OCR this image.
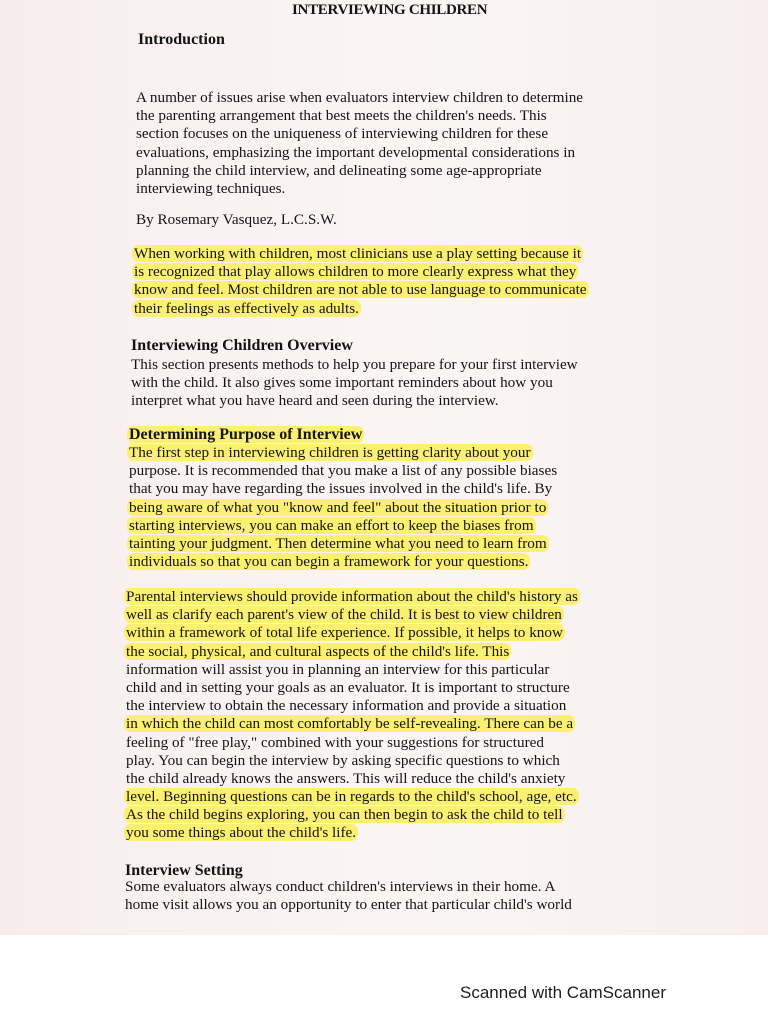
INTERVIEWING CHILDREN
Introduction
A number of issues arise when evaluators interview children to determine
the parenting arrangement that best meets the children's needs. This
section focuses on the uniqueness of interviewing children for these
evaluations, emphasizing the important developmental considerations in
planning the child interview, and delineating some age-appropriate
interviewing techniques.
By Rosemary Vasquez, L.C.S.W.
When working with children, most clinicians use a play setting because it
is recognized that play allows children to more clearly express what they
know and feel. Most children are not able to use language to communicate
their feelings as effectively as adults.
Interviewing Children Overview
This section presents methods to help you prepare for your first interview
with the child. It also gives some important reminders about how you
interpret what you have heard and seen during the interview.
Determining Purpose of Interview
The first step in interviewing children is getting clarity about your
purpose. It is recommended that you make a list of any possible biases
that you may have regarding the issues involved in the child's life. By
being aware of what you "know and feel" about the situation prior to
starting interviews, you can make an effort to keep the biases from
tainting your judgment. Then determine what you need to learn from
individuals so that you can begin a framework for your questions.
Parental interviews should provide information about the child's history as
well as clarify each parent's view of the child. It is best to view children
within a framework of total life experience. If possible, it helps to know
the social, physical, and cultural aspects of the child's life. This
information will assist you in planning an interview for this particular
child and in setting your goals as an evaluator. It is important to structure
the interview to obtain the necessary information and provide a situation
in which the child can most comfortably be self-revealing. There can be a
feeling of "free play," combined with your suggestions for structured
play. You can begin the interview by asking specific questions to which
the child already knows the answers. This will reduce the child's anxiety
level. Beginning questions can be in regards to the child's school, age, etc.
As the child begins exploring, you can then begin to ask the child to tell
you some things about the child's life.
Interview Setting
Some evaluators always conduct children's interviews in their home. A
home visit allows you an opportunity to enter that particular child's world
Scanned with CamScanner
